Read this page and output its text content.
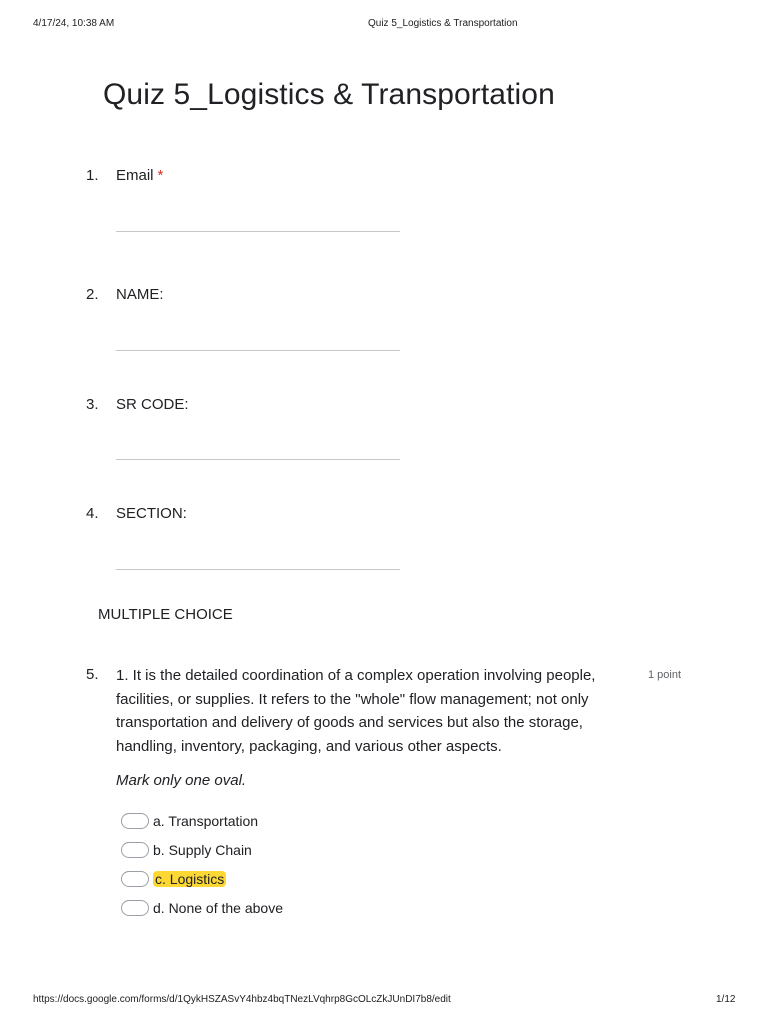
4/17/24, 10:38 AM	Quiz 5_Logistics & Transportation
Quiz 5_Logistics & Transportation
1. Email *
2. NAME:
3. SR CODE:
4. SECTION:
MULTIPLE CHOICE
5. 1. It is the detailed coordination of a complex operation involving people, facilities, or supplies. It refers to the "whole" flow management; not only transportation and delivery of goods and services but also the storage, handling, inventory, packaging, and various other aspects.
1 point
Mark only one oval.
a. Transportation
b. Supply Chain
c. Logistics
d. None of the above
https://docs.google.com/forms/d/1QykHSZASvY4hbz4bqTNezLVqhrp8GcOLcZkJUnDI7b8/edit	1/12
